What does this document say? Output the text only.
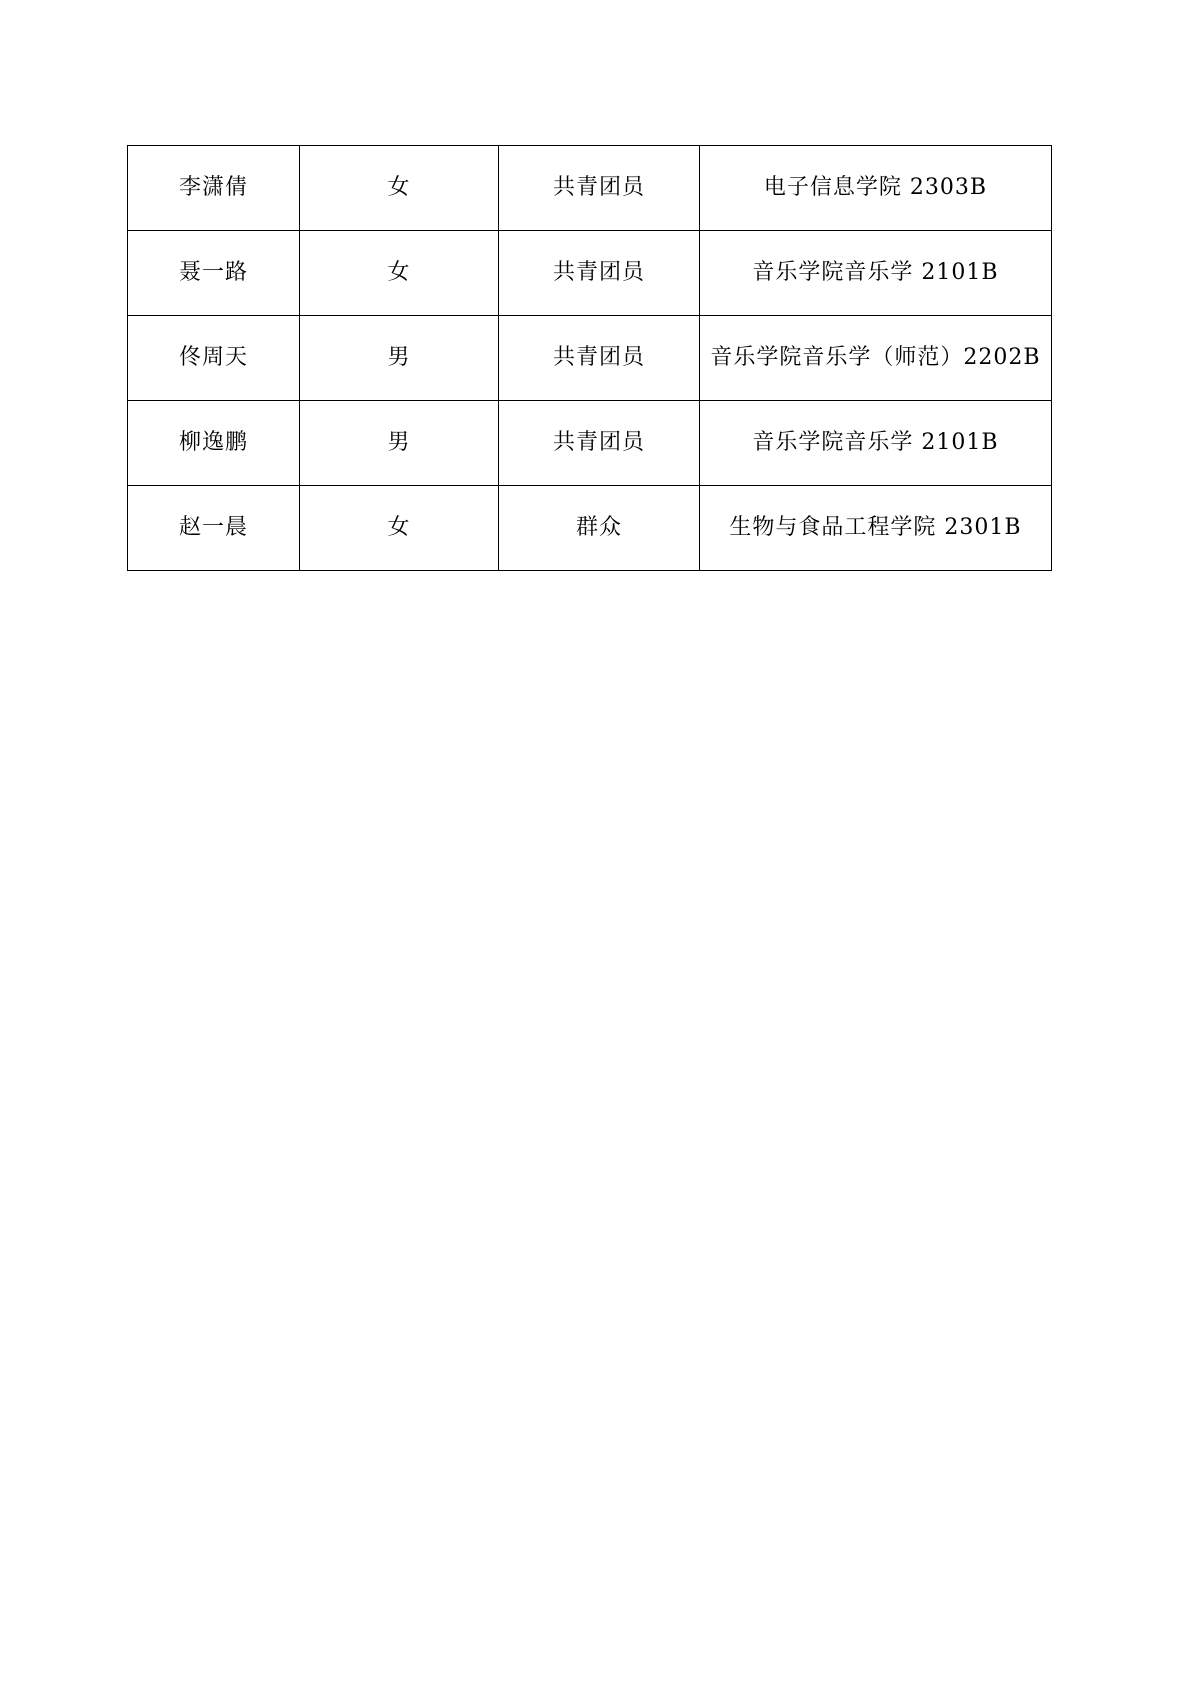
李潇倩	女	共青团员	电子信息学院 2303B
聂一路	女	共青团员	音乐学院音乐学 2101B
佟周天	男	共青团员	音乐学院音乐学（师范）2202B
柳逸鹏	男	共青团员	音乐学院音乐学 2101B
赵一晨	女	群众	生物与食品工程学院 2301B
